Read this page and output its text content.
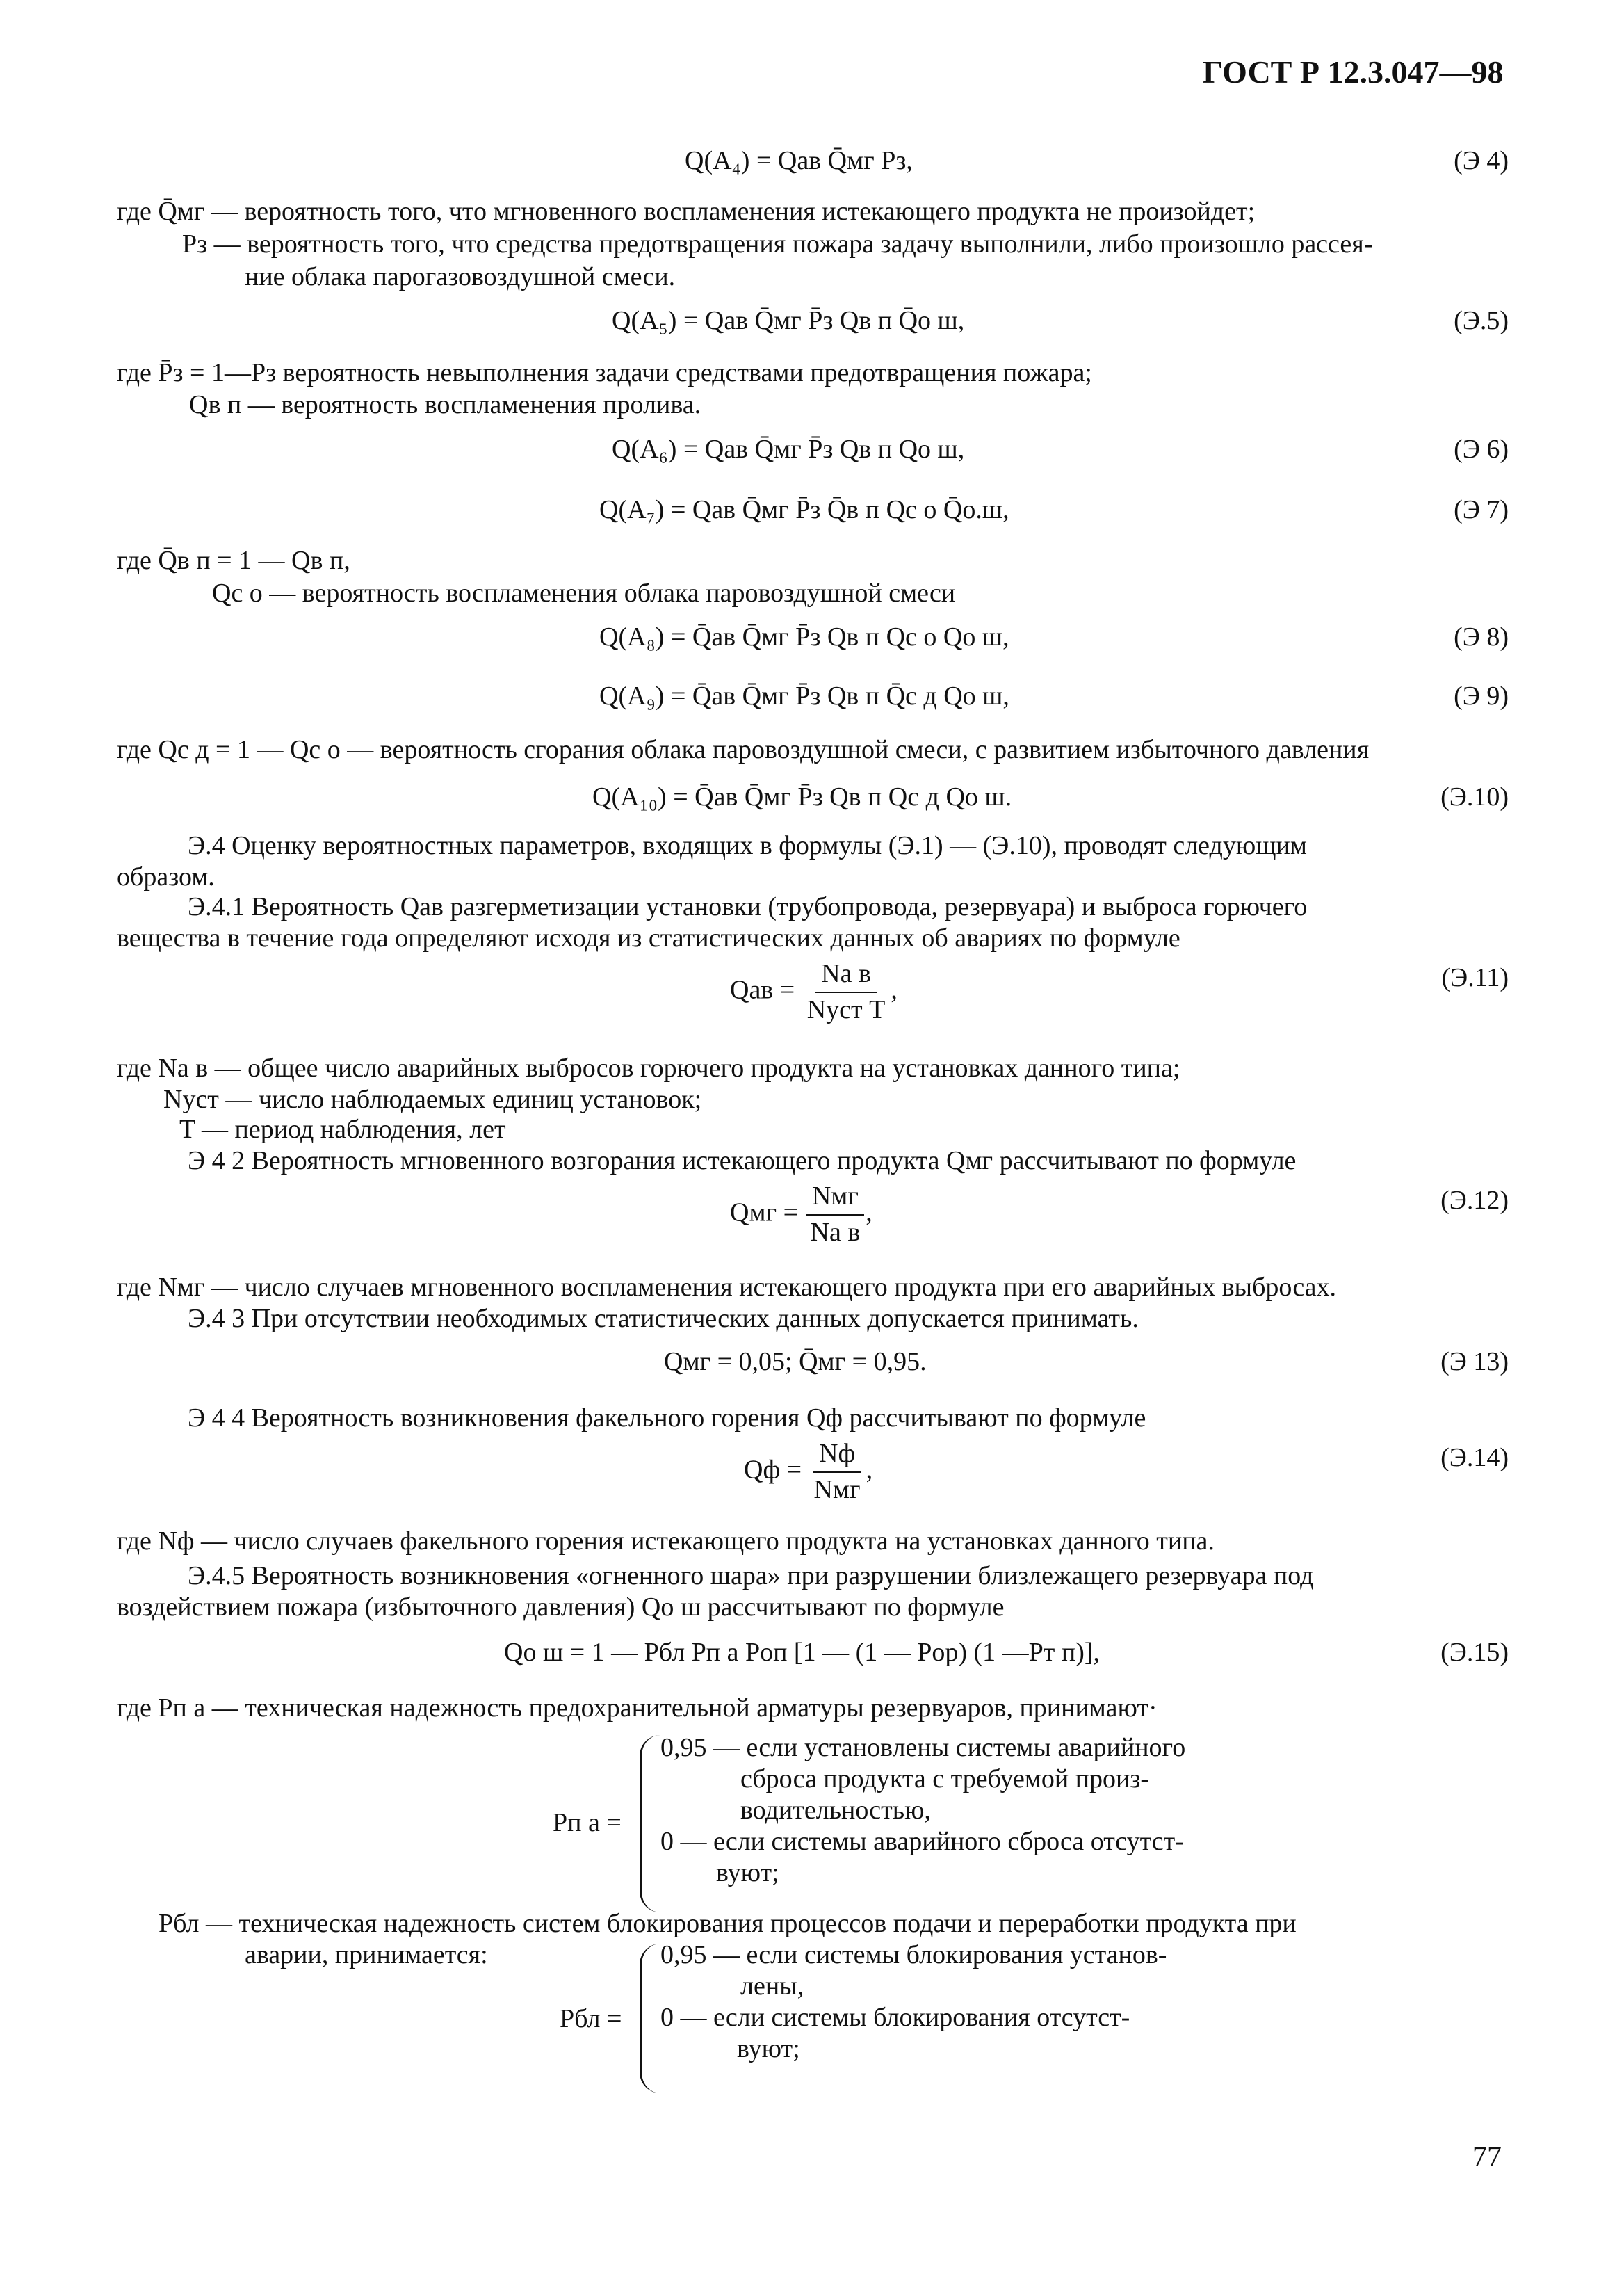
ГОСТ Р 12.3.047—98
Q(A₄) = Qав Q̄мг Pз,	(Э 4)
где Q̄мг — вероятность того, что мгновенного воспламенения истекающего продукта не произойдет;
Pз — вероятность того, что средства предотвращения пожара задачу выполнили, либо произошло рассея-
ние облака парогазовоздушной смеси.
Q(A₅) = Qав Q̄мг P̄з Qв п Q̄о ш,	(Э.5)
где P̄з = 1—Pз вероятность невыполнения задачи средствами предотвращения пожара;
Qв п — вероятность воспламенения пролива.
Q(A₆) = Qав Q̄мг P̄з Qв п Qо ш,	(Э 6)
Q(A₇) = Qав Q̄мг P̄з Q̄в п Qс о Q̄о.ш,	(Э 7)
где Q̄в п = 1 — Qв п,
Qс о — вероятность воспламенения облака паровоздушной смеси
Q(A₈) = Q̄ав Q̄мг P̄з Qв п Qс о Qо ш,	(Э 8)
Q(A₉) = Q̄ав Q̄мг P̄з Qв п Q̄с д Qо ш,	(Э 9)
где Qс д = 1 — Qс о — вероятность сгорания облака паровоздушной смеси, с развитием избыточного давления
Q(A₁₀) = Q̄ав Q̄мг P̄з Qв п Qс д Qо ш.	(Э.10)
Э.4 Оценку вероятностных параметров, входящих в формулы (Э.1) — (Э.10), проводят следующим
образом.
Э.4.1 Вероятность Qав разгерметизации установки (трубопровода, резервуара) и выброса горючего
вещества в течение года определяют исходя из статистических данных об авариях по формуле
Qав = $\frac{\text{Nа в}}{\text{Nуст T}}$ ,	(Э.11)
где Nа в — общее число аварийных выбросов горючего продукта на установках данного типа;
Nуст — число наблюдаемых единиц установок;
T — период наблюдения, лет
Э 4 2 Вероятность мгновенного возгорания истекающего продукта Qмг рассчитывают по формуле
Qмг = $\frac{\text{Nмг}}{\text{Nа в}}$ ,	(Э.12)
где Nмг — число случаев мгновенного воспламенения истекающего продукта при его аварийных выбросах.
Э.4 3 При отсутствии необходимых статистических данных допускается принимать.
Qмг = 0,05; Q̄мг = 0,95.	(Э 13)
Э 4 4 Вероятность возникновения факельного горения Qф рассчитывают по формуле
Qф = $\frac{Nф}{\text{Nмг}}$ ,	(Э.14)
где Nф — число случаев факельного горения истекающего продукта на установках данного типа.
Э.4.5 Вероятность возникновения «огненного шара» при разрушении близлежащего резервуара под
воздействием пожара (избыточного давления) Qо ш рассчитывают по формуле
Qо ш = 1 — Pбл Pп а Pоп [1 — (1 — Pор) (1 —Pт п)],	(Э.15)
где Pп а — техническая надежность предохранительной арматуры резервуаров, принимают·
Pп а =
0,95 — если установлены системы аварийного
сброса продукта с требуемой произ-
водительностью,
0 — если системы аварийного сброса отсутст-
вуют;
Pбл — техническая надежность систем блокирования процессов подачи и переработки продукта при
аварии, принимается:
Pбл =
0,95 — если системы блокирования установ-
лены,
0 — если системы блокирования отсутст-
вуют;
77
